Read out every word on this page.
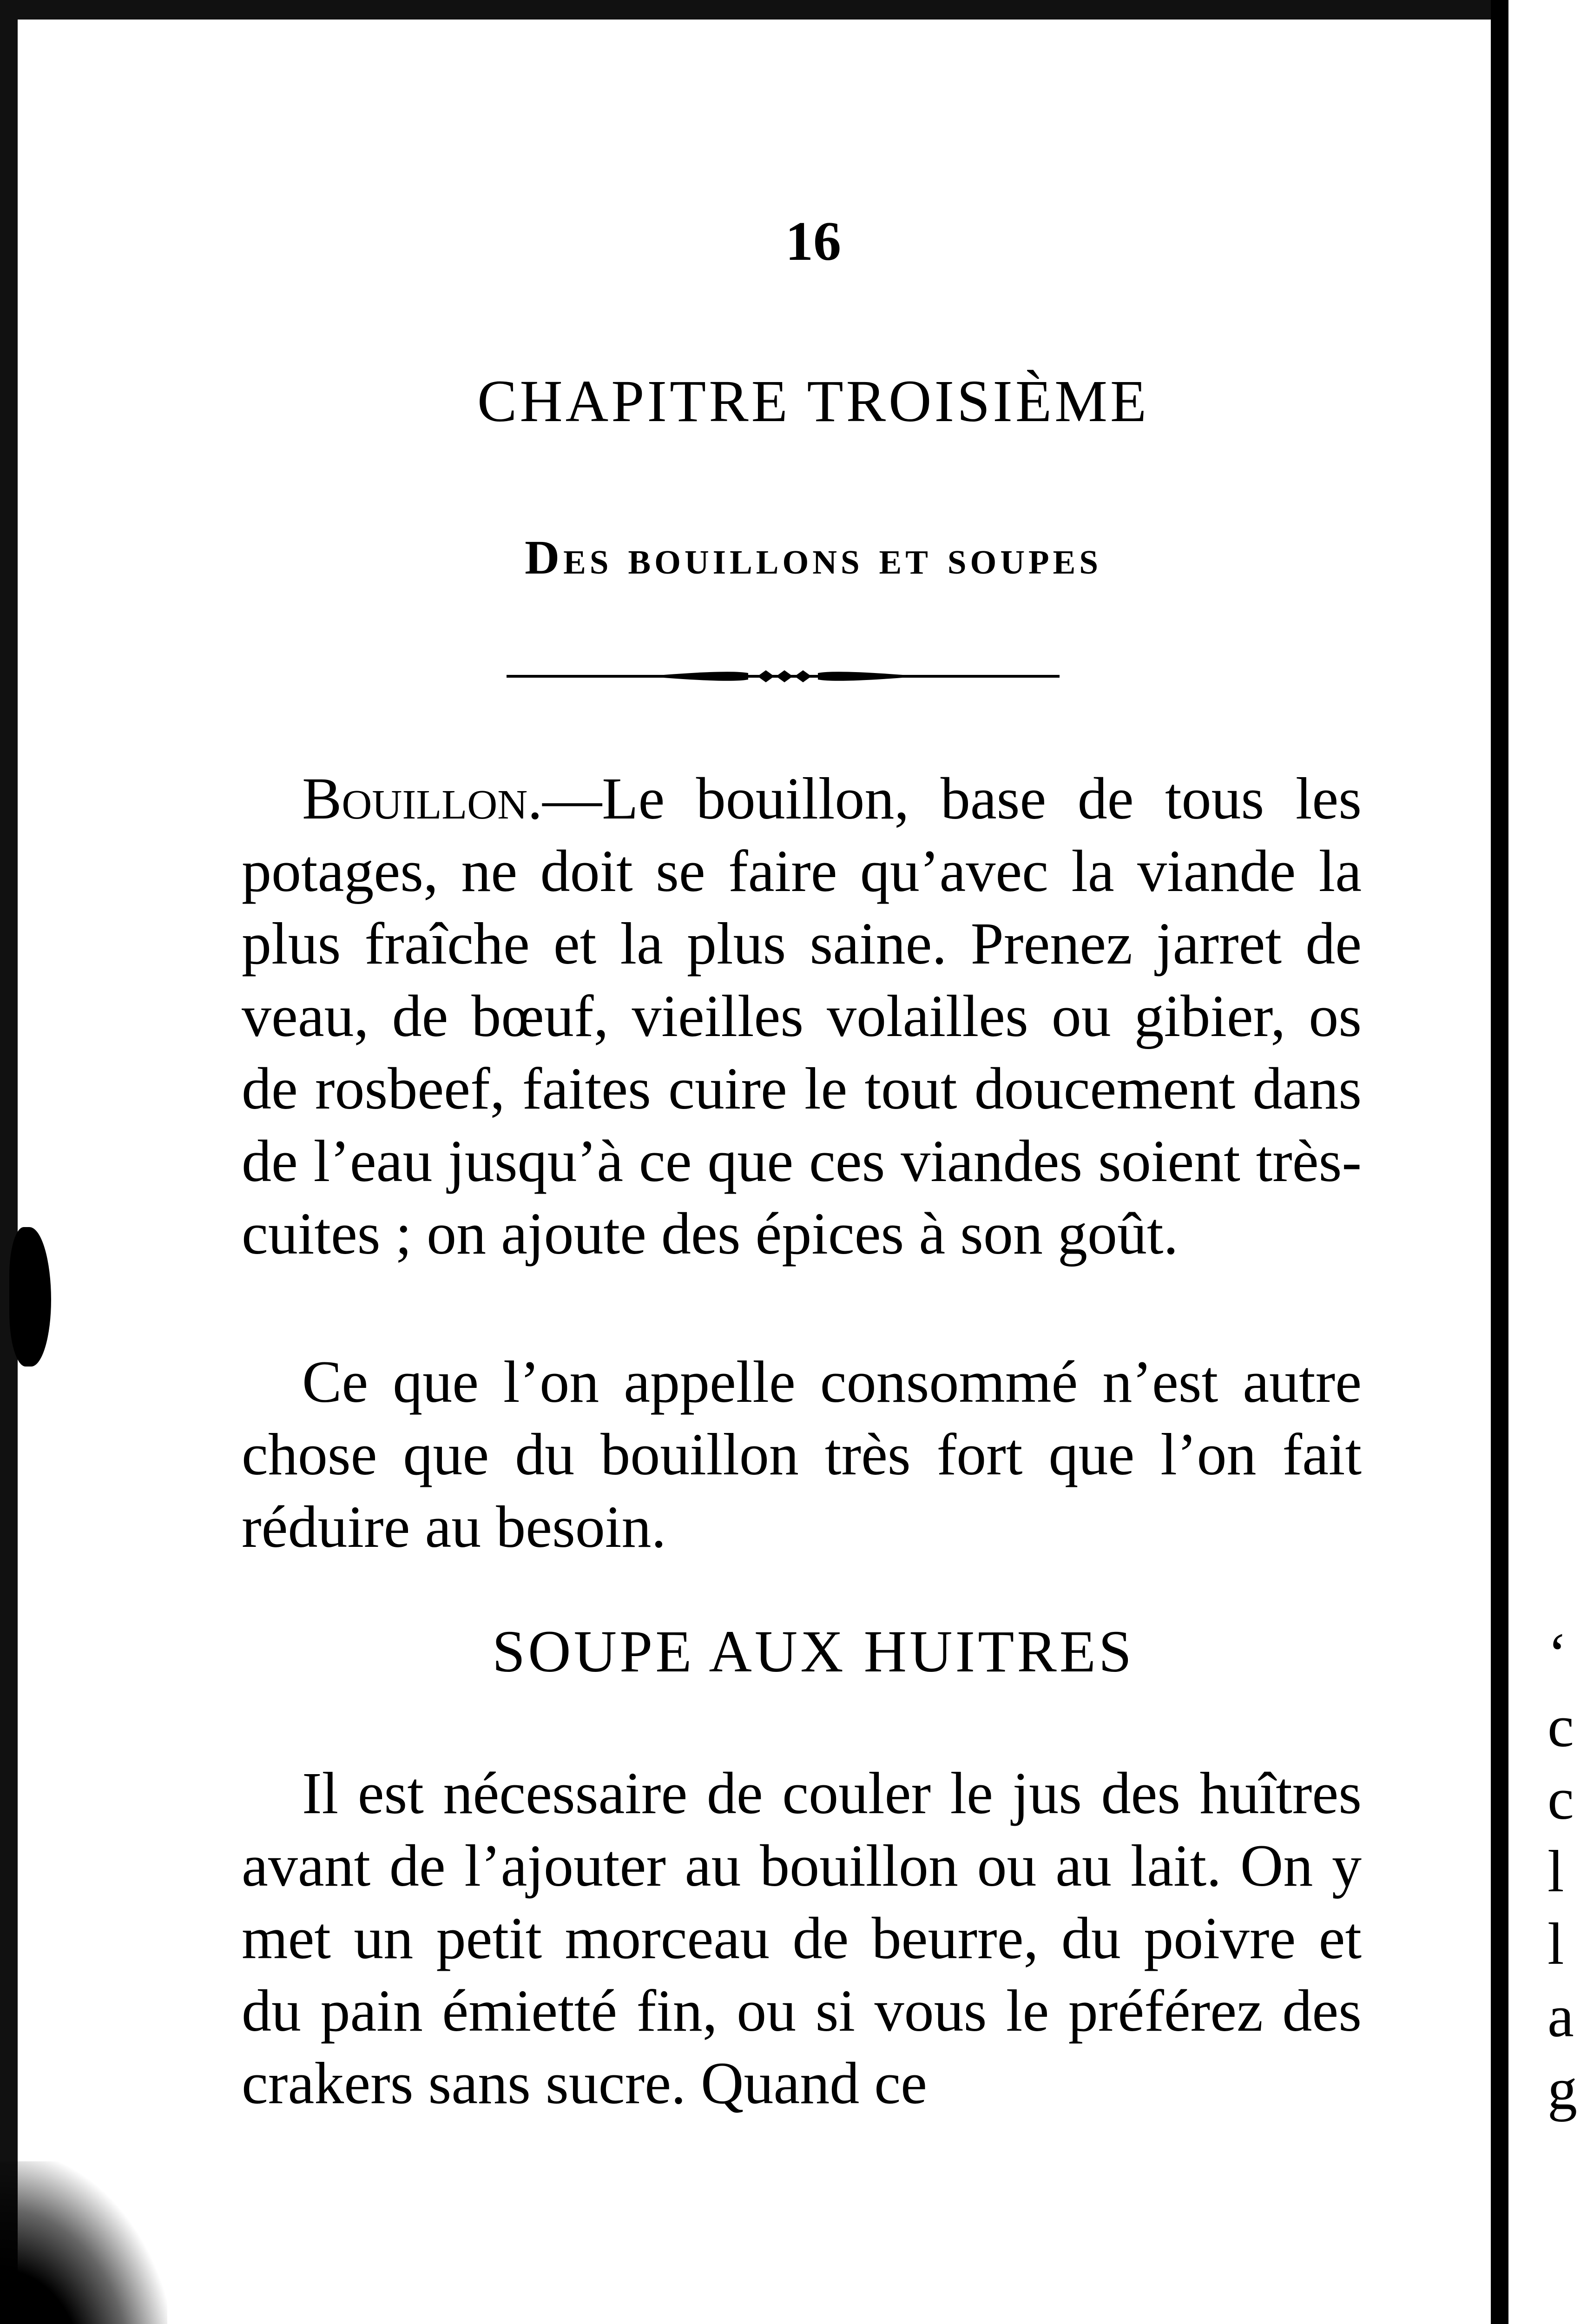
16
CHAPITRE TROISIÈME
Des bouillons et soupes
Bouillon.—Le bouillon, base de tous les potages, ne doit se faire qu’avec la viande la plus fraîche et la plus saine. Prenez jarret de veau, de bœuf, vieilles volailles ou gibier, os de rosbeef, faites cuire le tout doucement dans de l’eau jusqu’à ce que ces viandes soient très-cuites ; on ajoute des épices à son goût.
Ce que l’on appelle consommé n’est autre chose que du bouillon très fort que l’on fait réduire au besoin.
SOUPE AUX HUITRES
Il est nécessaire de couler le jus des huîtres avant de l’ajouter au bouillon ou au lait. On y met un petit morceau de beurre, du poivre et du pain émietté fin, ou si vous le préférez des crakers sans sucre. Quand ce
‘
c
c
l
l
a
g
